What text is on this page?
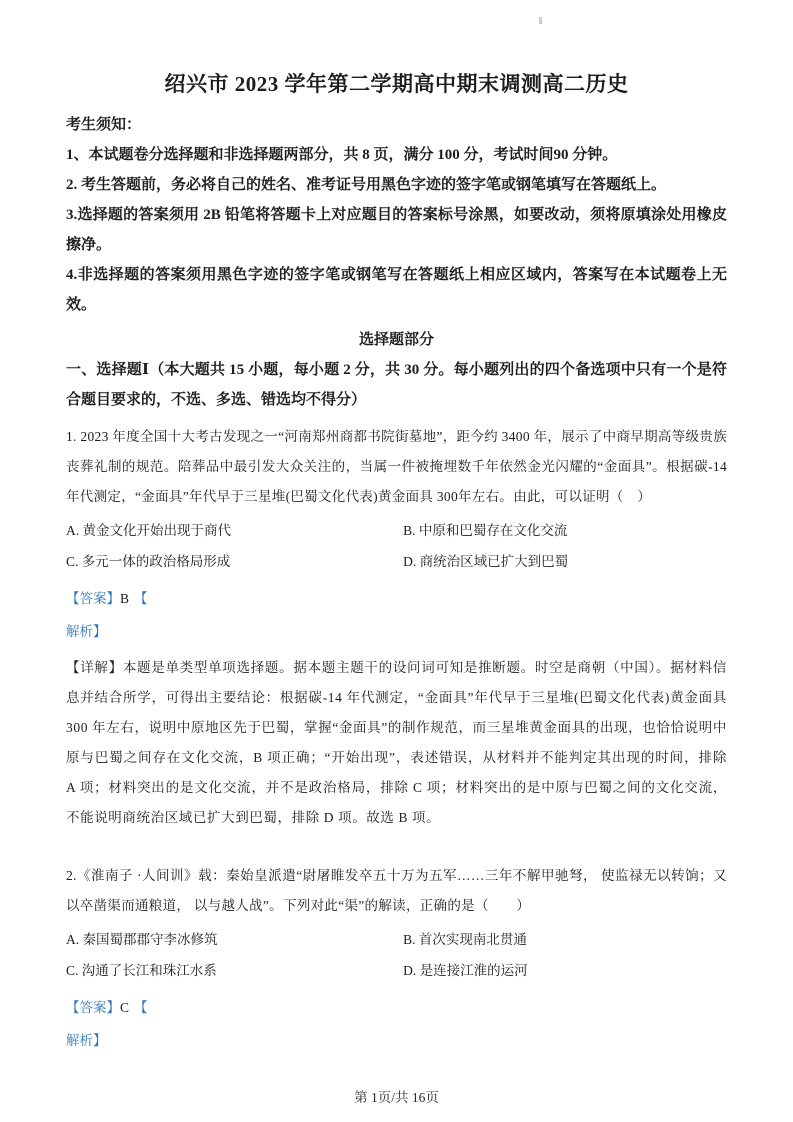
绍兴市 2023 学年第二学期高中期末调测高二历史

考生须知：

1、本试题卷分选择题和非选择题两部分，共 8 页，满分 100 分，考试时间90 分钟。

2. 考生答题前，务必将自己的姓名、准考证号用黑色字迹的签字笔或钢笔填写在答题纸上。

3.选择题的答案须用 2B 铅笔将答题卡上对应题目的答案标号涂黑，如要改动，须将原填涂处用橡皮擦净。

4.非选择题的答案须用黑色字迹的签字笔或钢笔写在答题纸上相应区域内，答案写在本试题卷上无效。

选择题部分

一、选择题Ⅰ（本大题共 15 小题，每小题 2 分，共 30 分。每小题列出的四个备选项中只有一个是符合题目要求的，不选、多选、错选均不得分）

1. 2023 年度全国十大考古发现之一“河南郑州商都书院街墓地”，距今约 3400 年，展示了中商早期高等级贵族丧葬礼制的规范。陪葬品中最引发大众关注的，当属一件被掩埋数千年依然金光闪耀的“金面具”。根据碳-14年代测定，“金面具”年代早于三星堆(巴蜀文化代表)黄金面具 300年左右。由此，可以证明（　）

A. 黄金文化开始出现于商代	B. 中原和巴蜀存在文化交流
C. 多元一体的政治格局形成	D. 商统治区域已扩大到巴蜀

【答案】B 【

解析】

【详解】本题是单类型单项选择题。据本题主题干的设问词可知是推断题。时空是商朝（中国）。据材料信息并结合所学，可得出主要结论：根据碳-14 年代测定，“金面具”年代早于三星堆(巴蜀文化代表)黄金面具 300 年左右，说明中原地区先于巴蜀，掌握“金面具”的制作规范，而三星堆黄金面具的出现，也恰恰说明中原与巴蜀之间存在文化交流，B 项正确；“开始出现”，表述错误，从材料并不能判定其出现的时间，排除 A 项；材料突出的是文化交流，并不是政治格局，排除 C 项；材料突出的是中原与巴蜀之间的文化交流，不能说明商统治区域已扩大到巴蜀，排除 D 项。故选 B 项。

2.《淮南子 ·人间训》载：秦始皇派遣“尉屠睢发卒五十万为五军……三年不解甲驰弩， 使监禄无以转饷；又以卒凿渠而通粮道， 以与越人战”。下列对此“渠”的解读，正确的是（　　）

A. 秦国蜀郡郡守李冰修筑	B. 首次实现南北贯通
C. 沟通了长江和珠江水系	D. 是连接江淮的运河

【答案】C 【

解析】

第 1页/共 16页
